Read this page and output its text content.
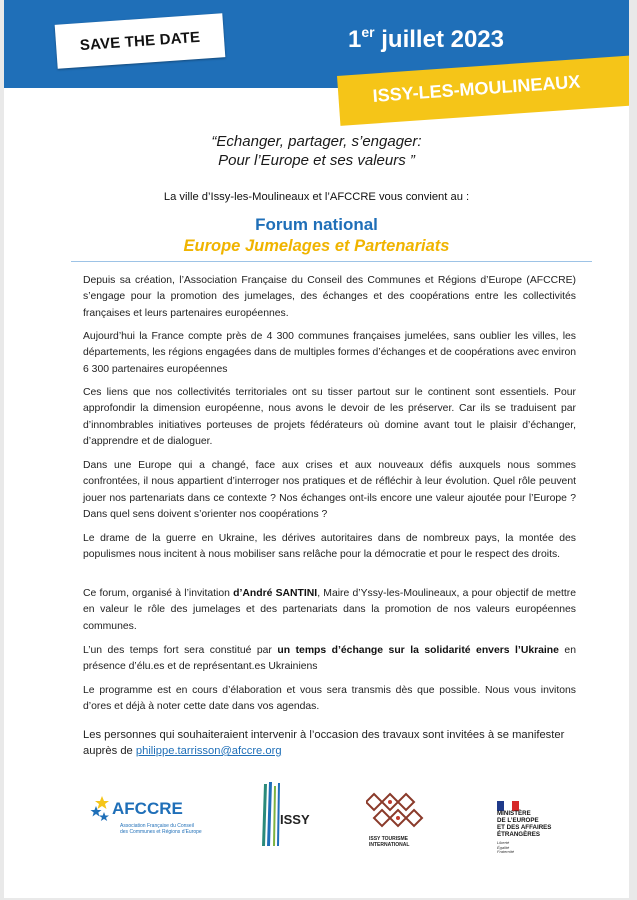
SAVE THE DATE	1er juillet 2023
ISSY-LES-MOULINEAUX
“Echanger, partager, s’engager:
Pour l’Europe et ses valeurs ”
La ville d’Issy-les-Moulineaux et l’AFCCRE vous convient au :
Forum national
Europe Jumelages et Partenariats

Depuis sa création, l’Association Française du Conseil des Communes et Régions d’Europe (AFCCRE) s’engage pour la promotion des jumelages, des échanges et des coopérations entre les collectivités françaises et leurs partenaires européennes.

Aujourd’hui la France compte près de 4 300 communes françaises jumelées, sans oublier les villes, les départements, les régions engagées dans de multiples formes d’échanges et de coopérations avec environ 6 300 partenaires européennes

Ces liens que nos collectivités territoriales ont su tisser partout sur le continent sont essentiels. Pour approfondir la dimension européenne, nous avons le devoir de les préserver. Car ils se traduisent par d’innombrables initiatives porteuses de projets fédérateurs où domine avant tout le plaisir d’échanger, d’apprendre et de dialoguer.

Dans une Europe qui a changé, face aux crises et aux nouveaux défis auxquels nous sommes confrontées, il nous appartient d’interroger nos pratiques et de réfléchir à leur évolution. Quel rôle peuvent jouer nos partenariats dans ce contexte ? Nos échanges ont-ils encore une valeur ajoutée pour l’Europe ? Dans quel sens doivent s’orienter nos coopérations ?

Le drame de la guerre en Ukraine, les dérives autoritaires dans de nombreux pays, la montée des populismes nous incitent à nous mobiliser sans relâche pour la démocratie et pour le respect des droits.

Ce forum, organisé à l’invitation d’André SANTINI, Maire d’Yssy-les-Moulineaux, a pour objectif de mettre en valeur le rôle des jumelages et des partenariats dans la promotion de nos valeurs européennes communes.

L’un des temps fort sera constitué par un temps d’échange sur la solidarité envers l’Ukraine en présence d’élu.es et de représentant.es Ukrainiens

Le programme est en cours d’élaboration et vous sera transmis dès que possible. Nous vous invitons d’ores et déjà à noter cette date dans vos agendas.

Les personnes qui souhaiteraient intervenir à l’occasion des travaux sont invitées à se manifester auprès de philippe.tarrisson@afccre.org

AFCCRE
Association Française du Conseil
des Communes et Régions d’Europe
ISSY
ISSY TOURISME
INTERNATIONAL
MINISTÈRE
DE L’EUROPE
ET DES AFFAIRES
ÉTRANGÈRES
Liberté
Égalité
Fraternité
